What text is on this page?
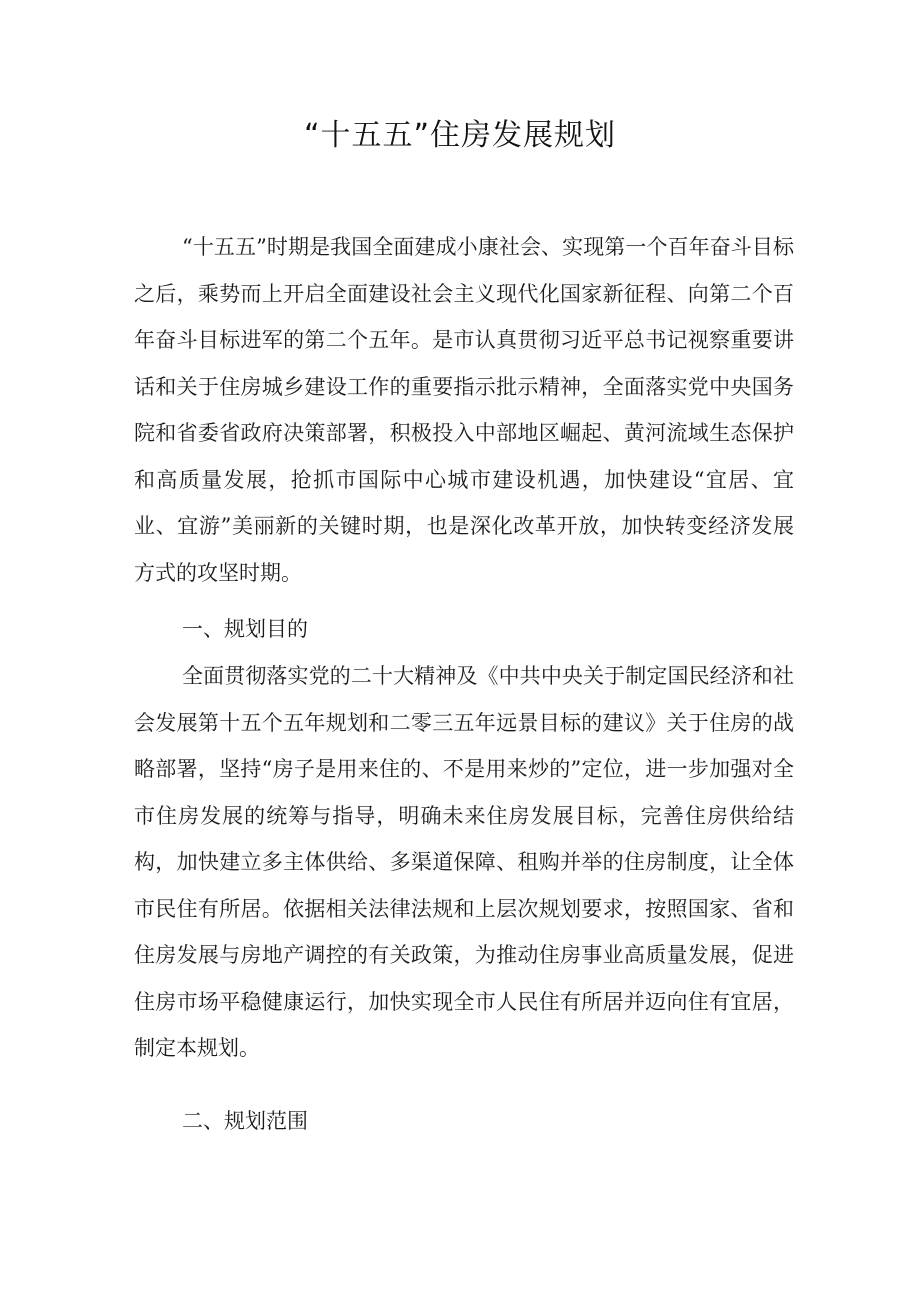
“十五五”住房发展规划

“十五五”时期是我国全面建成小康社会、实现第一个百年奋斗目标之后，乘势而上开启全面建设社会主义现代化国家新征程、向第二个百年奋斗目标进军的第二个五年。是市认真贯彻习近平总书记视察重要讲话和关于住房城乡建设工作的重要指示批示精神，全面落实党中央国务院和省委省政府决策部署，积极投入中部地区崛起、黄河流域生态保护和高质量发展，抢抓市国际中心城市建设机遇，加快建设“宜居、宜业、宜游”美丽新的关键时期，也是深化改革开放，加快转变经济发展方式的攻坚时期。

一、规划目的

全面贯彻落实党的二十大精神及《中共中央关于制定国民经济和社会发展第十五个五年规划和二零三五年远景目标的建议》关于住房的战略部署，坚持“房子是用来住的、不是用来炒的”定位，进一步加强对全市住房发展的统筹与指导，明确未来住房发展目标，完善住房供给结构，加快建立多主体供给、多渠道保障、租购并举的住房制度，让全体市民住有所居。依据相关法律法规和上层次规划要求，按照国家、省和住房发展与房地产调控的有关政策，为推动住房事业高质量发展，促进住房市场平稳健康运行，加快实现全市人民住有所居并迈向住有宜居，制定本规划。

二、规划范围
